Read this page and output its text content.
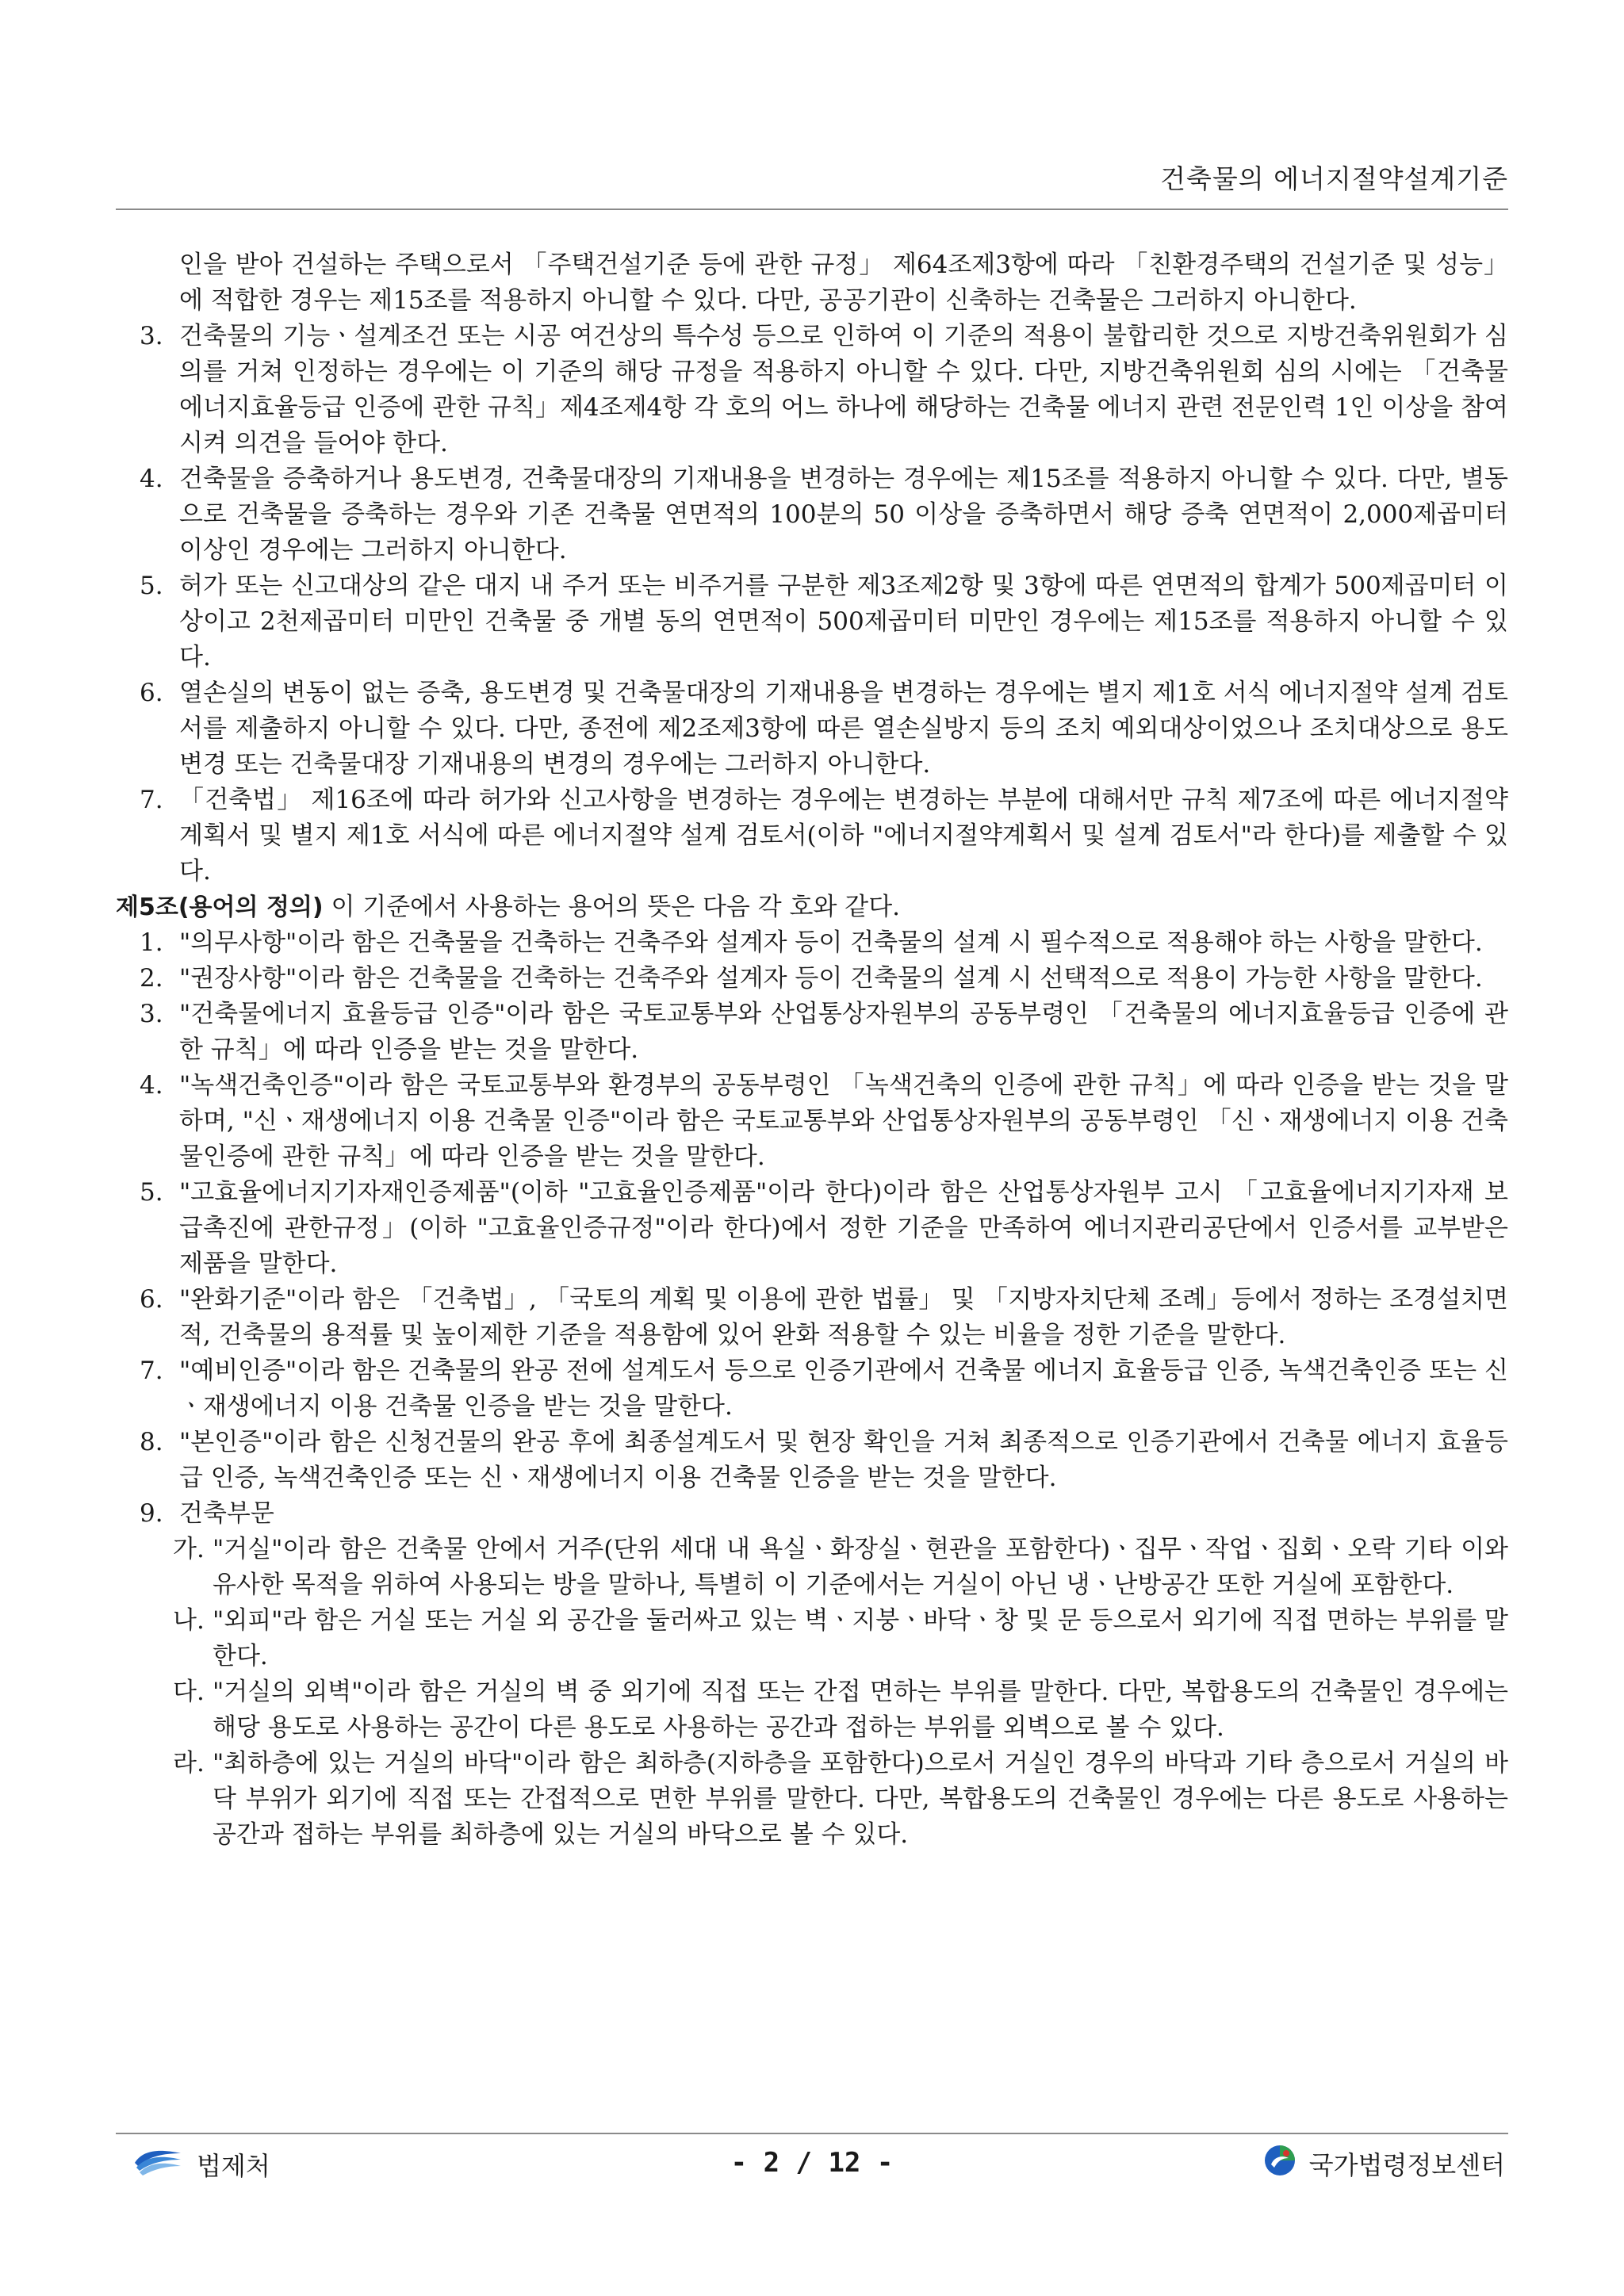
건축물의 에너지절약설계기준
인을 받아 건설하는 주택으로서 「주택건설기준 등에 관한 규정」 제64조제3항에 따라 「친환경주택의 건설기준 및 성능」에 적합한 경우는 제15조를 적용하지 아니할 수 있다. 다만, 공공기관이 신축하는 건축물은 그러하지 아니한다.
3. 건축물의 기능ㆍ설계조건 또는 시공 여건상의 특수성 등으로 인하여 이 기준의 적용이 불합리한 것으로 지방건축위원회가 심의를 거쳐 인정하는 경우에는 이 기준의 해당 규정을 적용하지 아니할 수 있다. 다만, 지방건축위원회 심의 시에는 「건축물 에너지효율등급 인증에 관한 규칙」제4조제4항 각 호의 어느 하나에 해당하는 건축물 에너지 관련 전문인력 1인 이상을 참여시켜 의견을 들어야 한다.
4. 건축물을 증축하거나 용도변경, 건축물대장의 기재내용을 변경하는 경우에는 제15조를 적용하지 아니할 수 있다. 다만, 별동으로 건축물을 증축하는 경우와 기존 건축물 연면적의 100분의 50 이상을 증축하면서 해당 증축 연면적이 2,000제곱미터 이상인 경우에는 그러하지 아니한다.
5. 허가 또는 신고대상의 같은 대지 내 주거 또는 비주거를 구분한 제3조제2항 및 3항에 따른 연면적의 합계가 500제곱미터 이상이고 2천제곱미터 미만인 건축물 중 개별 동의 연면적이 500제곱미터 미만인 경우에는 제15조를 적용하지 아니할 수 있다.
6. 열손실의 변동이 없는 증축, 용도변경 및 건축물대장의 기재내용을 변경하는 경우에는 별지 제1호 서식 에너지절약 설계 검토서를 제출하지 아니할 수 있다. 다만, 종전에 제2조제3항에 따른 열손실방지 등의 조치 예외대상이었으나 조치대상으로 용도변경 또는 건축물대장 기재내용의 변경의 경우에는 그러하지 아니한다.
7. 「건축법」 제16조에 따라 허가와 신고사항을 변경하는 경우에는 변경하는 부분에 대해서만 규칙 제7조에 따른 에너지절약계획서 및 별지 제1호 서식에 따른 에너지절약 설계 검토서(이하 "에너지절약계획서 및 설계 검토서"라 한다)를 제출할 수 있다.
제5조(용어의 정의) 이 기준에서 사용하는 용어의 뜻은 다음 각 호와 같다.
1. "의무사항"이라 함은 건축물을 건축하는 건축주와 설계자 등이 건축물의 설계 시 필수적으로 적용해야 하는 사항을 말한다.
2. "권장사항"이라 함은 건축물을 건축하는 건축주와 설계자 등이 건축물의 설계 시 선택적으로 적용이 가능한 사항을 말한다.
3. "건축물에너지 효율등급 인증"이라 함은 국토교통부와 산업통상자원부의 공동부령인 「건축물의 에너지효율등급 인증에 관한 규칙」에 따라 인증을 받는 것을 말한다.
4. "녹색건축인증"이라 함은 국토교통부와 환경부의 공동부령인 「녹색건축의 인증에 관한 규칙」에 따라 인증을 받는 것을 말하며, "신ㆍ재생에너지 이용 건축물 인증"이라 함은 국토교통부와 산업통상자원부의 공동부령인 「신ㆍ재생에너지 이용 건축물인증에 관한 규칙」에 따라 인증을 받는 것을 말한다.
5. "고효율에너지기자재인증제품"(이하 "고효율인증제품"이라 한다)이라 함은 산업통상자원부 고시 「고효율에너지기자재 보급촉진에 관한규정」(이하 "고효율인증규정"이라 한다)에서 정한 기준을 만족하여 에너지관리공단에서 인증서를 교부받은 제품을 말한다.
6. "완화기준"이라 함은 「건축법」, 「국토의 계획 및 이용에 관한 법률」 및 「지방자치단체 조례」등에서 정하는 조경설치면적, 건축물의 용적률 및 높이제한 기준을 적용함에 있어 완화 적용할 수 있는 비율을 정한 기준을 말한다.
7. "예비인증"이라 함은 건축물의 완공 전에 설계도서 등으로 인증기관에서 건축물 에너지 효율등급 인증, 녹색건축인증 또는 신ㆍ재생에너지 이용 건축물 인증을 받는 것을 말한다.
8. "본인증"이라 함은 신청건물의 완공 후에 최종설계도서 및 현장 확인을 거쳐 최종적으로 인증기관에서 건축물 에너지 효율등급 인증, 녹색건축인증 또는 신ㆍ재생에너지 이용 건축물 인증을 받는 것을 말한다.
9. 건축부문
가. "거실"이라 함은 건축물 안에서 거주(단위 세대 내 욕실ㆍ화장실ㆍ현관을 포함한다)ㆍ집무ㆍ작업ㆍ집회ㆍ오락 기타 이와 유사한 목적을 위하여 사용되는 방을 말하나, 특별히 이 기준에서는 거실이 아닌 냉ㆍ난방공간 또한 거실에 포함한다.
나. "외피"라 함은 거실 또는 거실 외 공간을 둘러싸고 있는 벽ㆍ지붕ㆍ바닥ㆍ창 및 문 등으로서 외기에 직접 면하는 부위를 말한다.
다. "거실의 외벽"이라 함은 거실의 벽 중 외기에 직접 또는 간접 면하는 부위를 말한다. 다만, 복합용도의 건축물인 경우에는 해당 용도로 사용하는 공간이 다른 용도로 사용하는 공간과 접하는 부위를 외벽으로 볼 수 있다.
라. "최하층에 있는 거실의 바닥"이라 함은 최하층(지하층을 포함한다)으로서 거실인 경우의 바닥과 기타 층으로서 거실의 바닥 부위가 외기에 직접 또는 간접적으로 면한 부위를 말한다. 다만, 복합용도의 건축물인 경우에는 다른 용도로 사용하는 공간과 접하는 부위를 최하층에 있는 거실의 바닥으로 볼 수 있다.
법제처	- 2 / 12 -	국가법령정보센터
